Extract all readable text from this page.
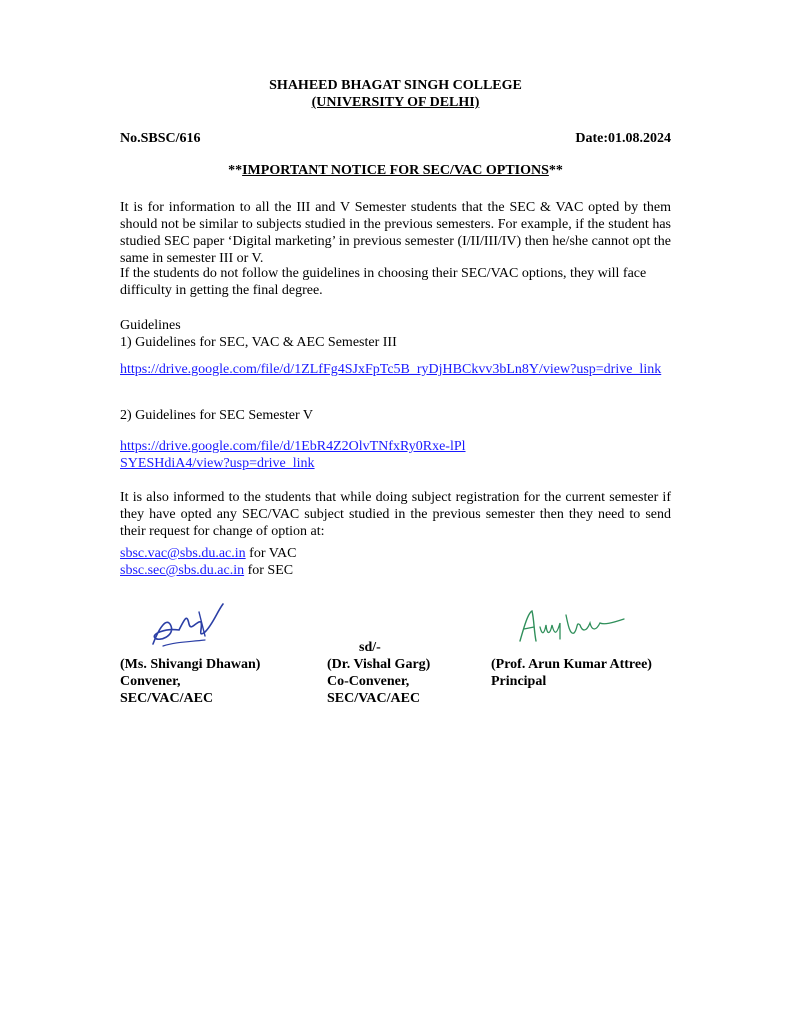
SHAHEED BHAGAT SINGH COLLEGE
(UNIVERSITY OF DELHI)
No.SBSC/616	Date:01.08.2024
**IMPORTANT NOTICE FOR SEC/VAC OPTIONS**
It is for information to all the III and V Semester students that the SEC & VAC opted by them should not be similar to subjects studied in the previous semesters. For example, if the student has studied SEC paper ‘Digital marketing’ in previous semester (I/II/III/IV) then he/she cannot opt the same in semester III or V.
If the students do not follow the guidelines in choosing their SEC/VAC options, they will face difficulty in getting the final degree.
Guidelines
1) Guidelines for SEC, VAC & AEC Semester III
https://drive.google.com/file/d/1ZLfFg4SJxFpTc5B_ryDjHBCkvv3bLn8Y/view?usp=drive_link
2) Guidelines for SEC Semester V
https://drive.google.com/file/d/1EbR4Z2OlvTNfxRy0Rxe-lPlSYESHdiA4/view?usp=drive_link
It is also informed to the students that while doing subject registration for the current semester if they have opted any SEC/VAC subject studied in the previous semester then they need to send their request for change of option at:
sbsc.vac@sbs.du.ac.in for VAC
sbsc.sec@sbs.du.ac.in for SEC
sd/-
(Ms. Shivangi Dhawan)
Convener,
SEC/VAC/AEC
(Dr. Vishal Garg)
Co-Convener,
SEC/VAC/AEC
(Prof. Arun Kumar Attree)
Principal
